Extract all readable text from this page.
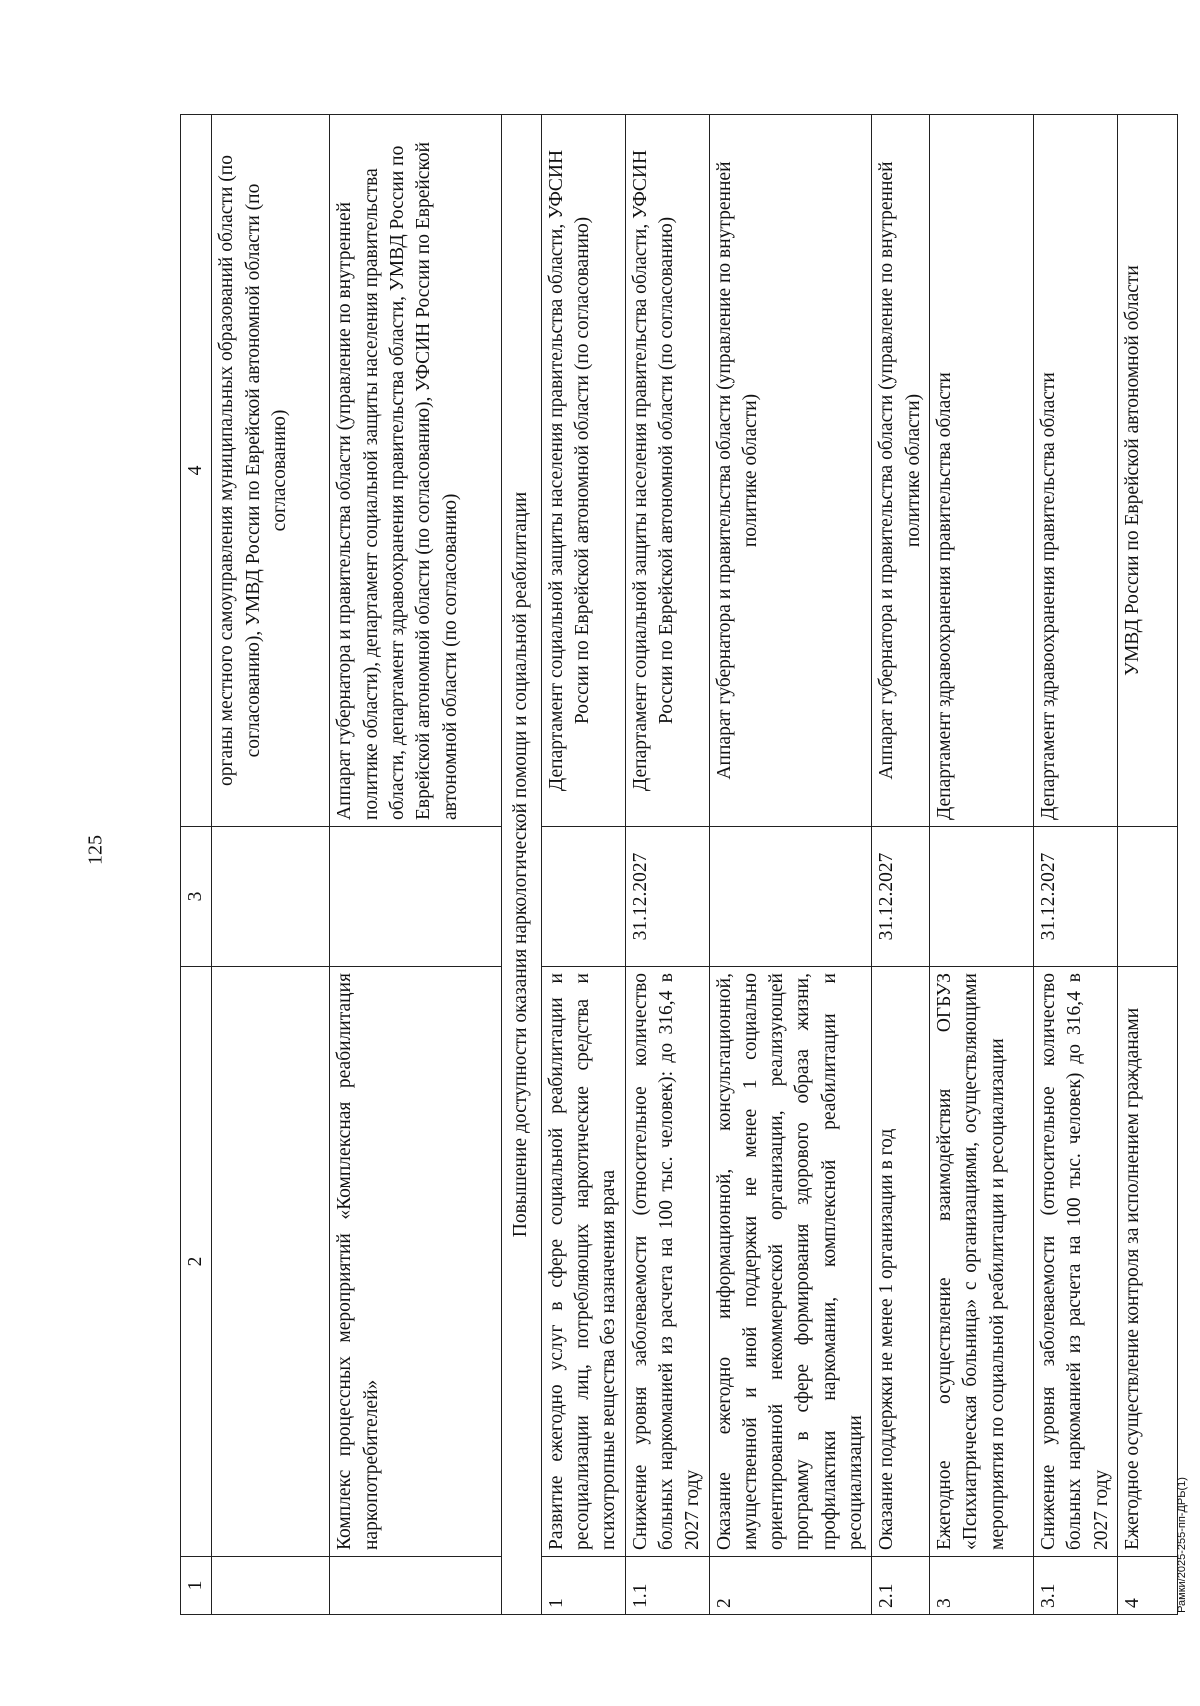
125
1	2	3	4
			органы местного самоуправления муниципальных образований области (по согласованию), УМВД России по Еврейской автономной области (по согласованию)
	Комплекс процессных мероприятий «Комплексная реабилитация наркопотребителей»		Аппарат губернатора и правительства области (управление по внутренней политике области), департамент социальной защиты населения правительства области, департамент здравоохранения правительства области, УМВД России по Еврейской автономной области (по согласованию), УФСИН России по Еврейской автономной области (по согласованию)
Повышение доступности оказания наркологической помощи и социальной реабилитации			
1	Развитие ежегодно услуг в сфере социальной реабилитации и ресоциализации лиц, потребляющих наркотические средства и психотропные вещества без назначения врача		Департамент социальной защиты населения правительства области, УФСИН России по Еврейской автономной области (по согласованию)
1.1	Снижение уровня заболеваемости (относительное количество больных наркоманией из расчета на 100 тыс. человек): до 316,4 в 2027 году	31.12.2027	Департамент социальной защиты населения правительства области, УФСИН России по Еврейской автономной области (по согласованию)
2	Оказание ежегодно информационной, консультационной, имущественной и иной поддержки не менее 1 социально ориентированной некоммерческой организации, реализующей программу в сфере формирования здорового образа жизни, профилактики наркомании, комплексной реабилитации и ресоциализации		Аппарат губернатора и правительства области (управление по внутренней политике области)
2.1	Оказание поддержки не менее 1 организации в год	31.12.2027	Аппарат губернатора и правительства области (управление по внутренней политике области)
3	Ежегодное осуществление взаимодействия ОГБУЗ «Психиатрическая больница» с организациями, осуществляющими мероприятия по социальной реабилитации и ресоциализации		Департамент здравоохранения правительства области
3.1	Снижение уровня заболеваемости (относительное количество больных наркоманией из расчета на 100 тыс. человек) до 316,4 в 2027 году	31.12.2027	Департамент здравоохранения правительства области
4	Ежегодное осуществление контроля за исполнением гражданами		УМВД России по Еврейской автономной области
Рамки/2025-255-пп-ДРЬ(1)
